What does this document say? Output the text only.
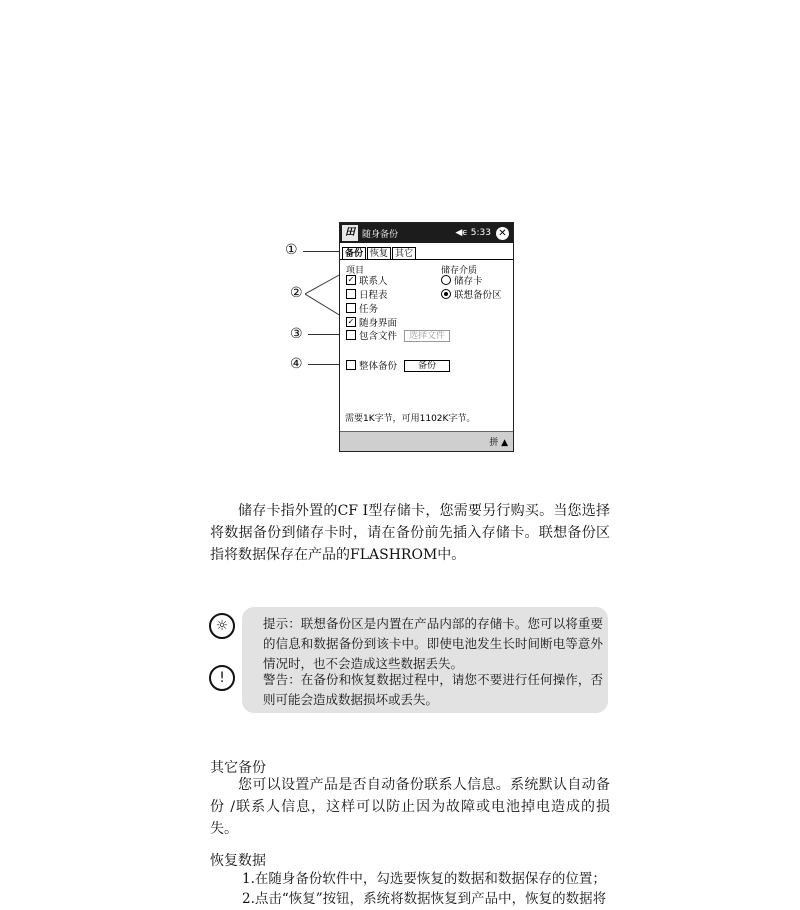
①
②
③
④
田 随身备份	◀ϵ 5:33 ✕
备份 恢复 其它
项目
✓ 联系人
日程表
任务
✓ 随身界面
包含文件	选择文件
储存介质
储存卡
联想备份区
整体备份	备份
需要1K字节，可用1102K字节。
拼 ▲

储存卡指外置的CF Ⅰ型存储卡，您需要另行购买。当您选择将数据备份到储存卡时，请在备份前先插入存储卡。联想备份区指将数据保存在产品的FLASHROM中。

☼
!

提示：联想备份区是内置在产品内部的存储卡。您可以将重要的信息和数据备份到该卡中。即使电池发生长时间断电等意外情况时，也不会造成这些数据丢失。

警告：在备份和恢复数据过程中，请您不要进行任何操作，否则可能会造成数据损坏或丢失。

其它备份

您可以设置产品是否自动备份联系人信息。系统默认自动备份 /联系人信息，这样可以防止因为故障或电池掉电造成的损失。

恢复数据

1.在随身备份软件中，勾选要恢复的数据和数据保存的位置；

2.点击“恢复”按钮，系统将数据恢复到产品中，恢复的数据将
